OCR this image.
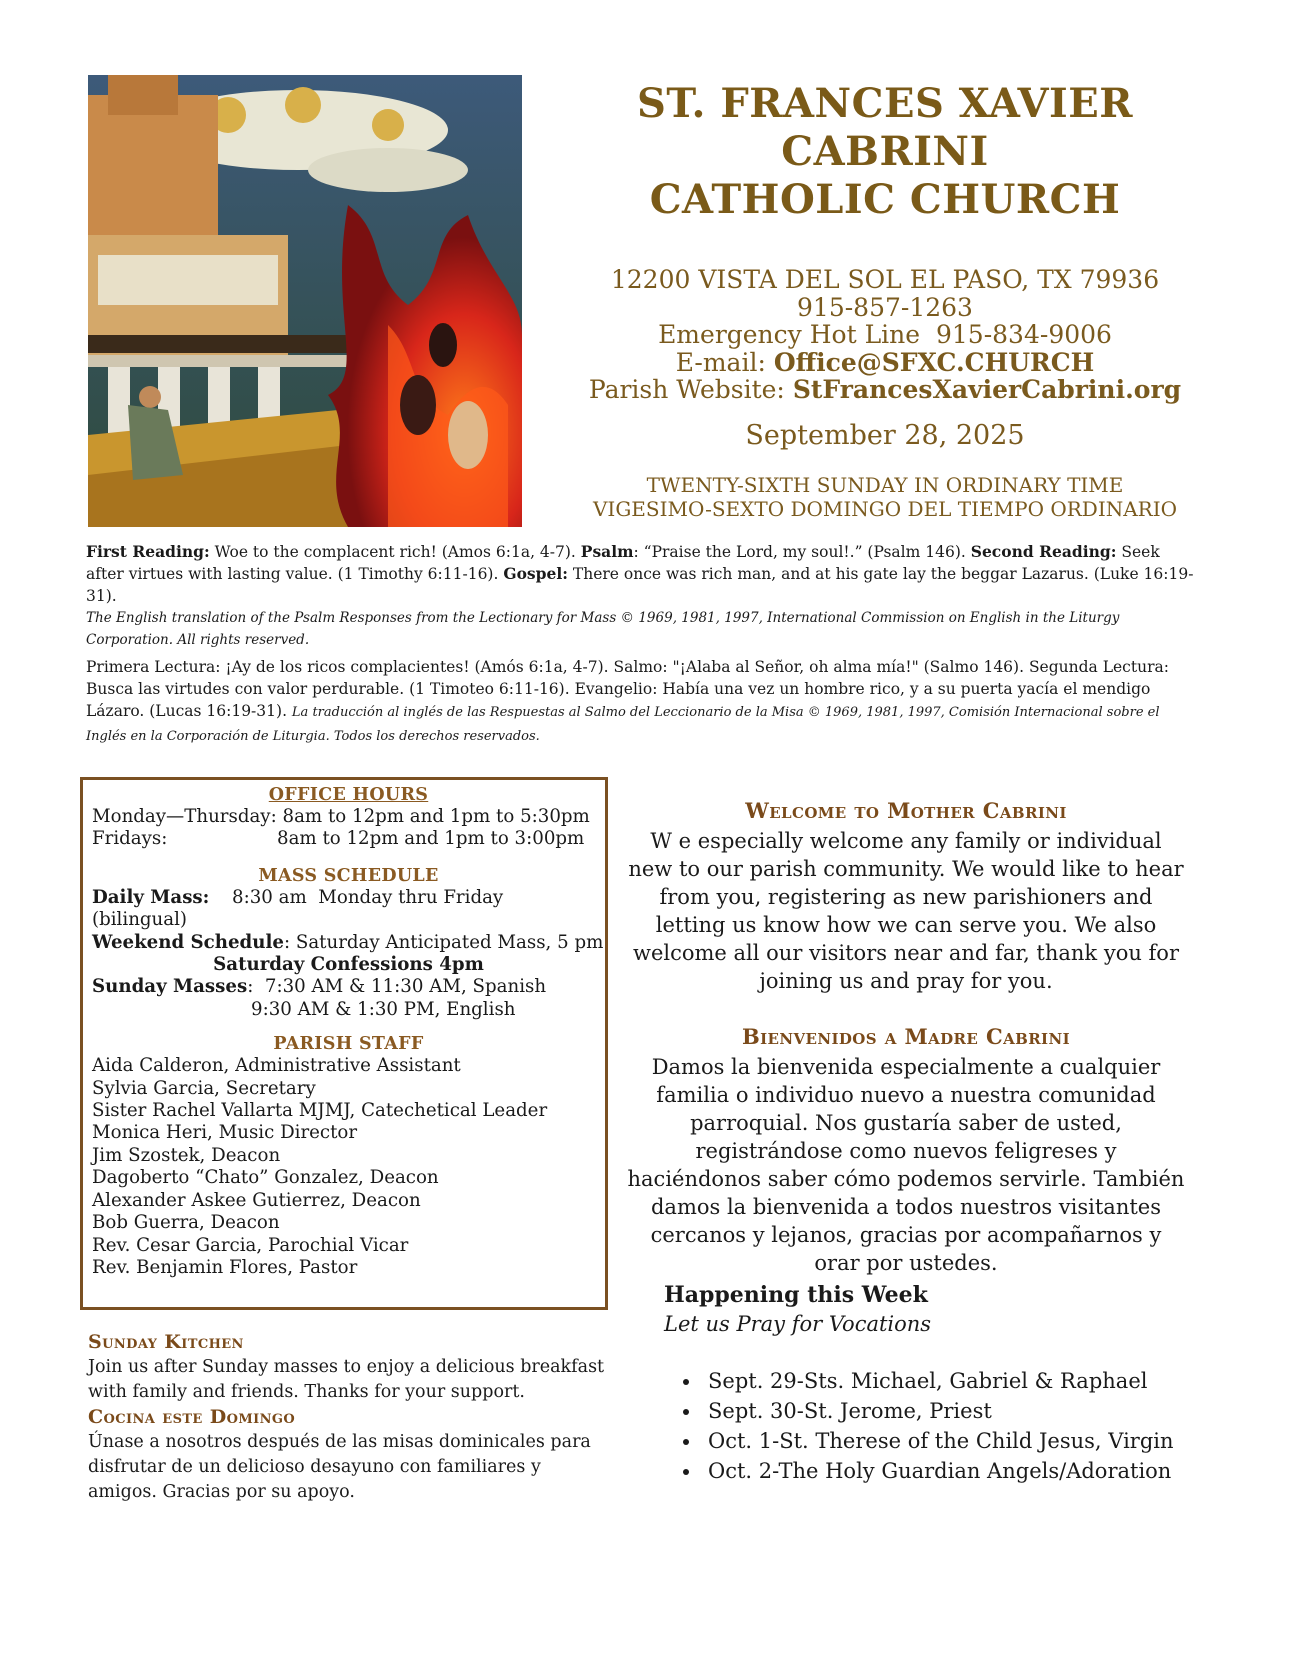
ST. FRANCES XAVIER CABRINI
CATHOLIC CHURCH
12200 VISTA DEL SOL EL PASO, TX 79936
915-857-1263
Emergency Hot Line 915-834-9006
E-mail: Office@SFXC.CHURCH
Parish Website: StFrancesXavierCabrini.org
September 28, 2025
TWENTY-SIXTH SUNDAY IN ORDINARY TIME
VIGESIMO-SEXTO DOMINGO DEL TIEMPO ORDINARIO
First Reading: Woe to the complacent rich! (Amos 6:1a, 4-7). Psalm: “Praise the Lord, my soul!.” (Psalm 146). Second Reading: Seek after virtues with lasting value. (1 Timothy 6:11-16). Gospel: There once was rich man, and at his gate lay the beggar Lazarus. (Luke 16:19-31).
The English translation of the Psalm Responses from the Lectionary for Mass © 1969, 1981, 1997, International Commission on English in the Liturgy Corporation. All rights reserved.
Primera Lectura: ¡Ay de los ricos complacientes! (Amós 6:1a, 4-7). Salmo: "¡Alaba al Señor, oh alma mía!" (Salmo 146). Segunda Lectura: Busca las virtudes con valor perdurable. (1 Timoteo 6:11-16). Evangelio: Había una vez un hombre rico, y a su puerta yacía el mendigo Lázaro. (Lucas 16:19-31). La traducción al inglés de las Respuestas al Salmo del Leccionario de la Misa © 1969, 1981, 1997, Comisión Internacional sobre el Inglés en la Corporación de Liturgia. Todos los derechos reservados.
OFFICE HOURS
Monday—Thursday: 8am to 12pm and 1pm to 5:30pm
Fridays:	8am to 12pm and 1pm to 3:00pm
MASS SCHEDULE
Daily Mass: 8:30 am  Monday thru Friday
(bilingual)
Weekend Schedule: Saturday Anticipated Mass, 5 pm
Saturday Confessions 4pm
Sunday Masses:  7:30 AM & 11:30 AM, Spanish
9:30 AM & 1:30 PM, English
PARISH STAFF
Aida Calderon, Administrative Assistant
Sylvia Garcia, Secretary
Sister Rachel Vallarta MJMJ, Catechetical Leader
Monica Heri, Music Director
Jim Szostek, Deacon
Dagoberto “Chato” Gonzalez, Deacon
Alexander Askee Gutierrez, Deacon
Bob Guerra, Deacon
Rev. Cesar Garcia, Parochial Vicar
Rev. Benjamin Flores, Pastor
Sunday Kitchen
Join us after Sunday masses to enjoy a delicious breakfast with family and friends. Thanks for your support.
Cocina este Domingo
Únase a nosotros después de las misas dominicales para disfrutar de un delicioso desayuno con familiares y amigos. Gracias por su apoyo.
Welcome to Mother Cabrini
W e especially welcome any family or individual new to our parish community. We would like to hear from you, registering as new parishioners and letting us know how we can serve you. We also welcome all our visitors near and far, thank you for joining us and pray for you.
Bienvenidos a Madre Cabrini
Damos la bienvenida especialmente a cualquier familia o individuo nuevo a nuestra comunidad parroquial. Nos gustaría saber de usted, registrándose como nuevos feligreses y haciéndonos saber cómo podemos servirle. También damos la bienvenida a todos nuestros visitantes cercanos y lejanos, gracias por acompañarnos y orar por ustedes.
Happening this Week
Let us Pray for Vocations
• Sept. 29-Sts. Michael, Gabriel & Raphael
• Sept. 30-St. Jerome, Priest
• Oct. 1-St. Therese of the Child Jesus, Virgin
• Oct. 2-The Holy Guardian Angels/Adoration
